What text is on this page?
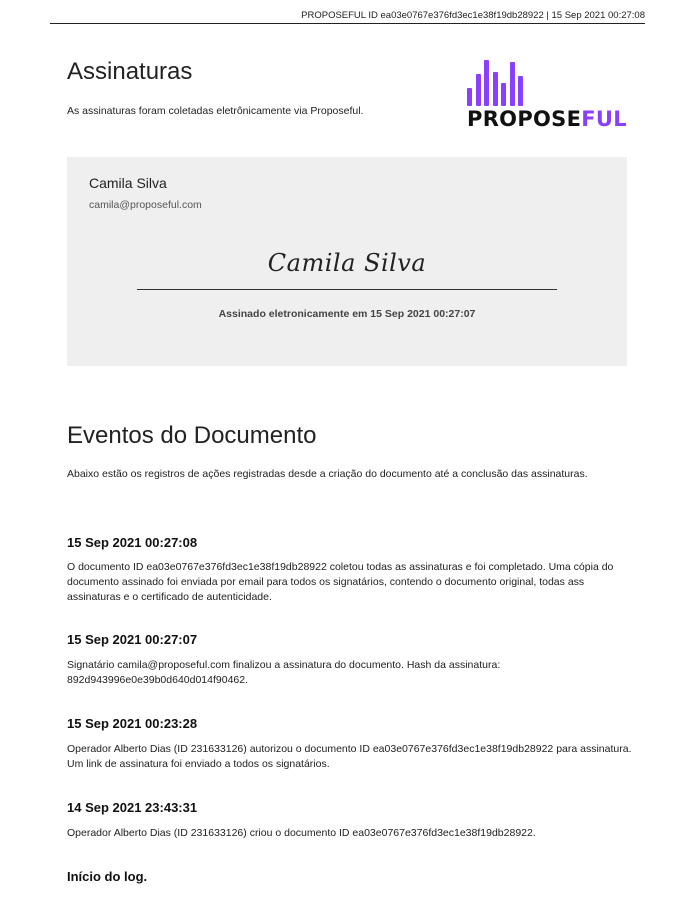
PROPOSEFUL ID ea03e0767e376fd3ec1e38f19db28922 | 15 Sep 2021 00:27:08
Assinaturas

As assinaturas foram coletadas eletrônicamente via Proposeful.	PROPOSEFUL
Camila Silva
camila@proposeful.com
Camila Silva
Assinado eletronicamente em 15 Sep 2021 00:27:07
Eventos do Documento

Abaixo estão os registros de ações registradas desde a criação do documento até a conclusão das assinaturas.

15 Sep 2021 00:27:08

O documento ID ea03e0767e376fd3ec1e38f19db28922 coletou todas as assinaturas e foi completado. Uma cópia do documento assinado foi enviada por email para todos os signatários, contendo o documento original, todas ass assinaturas e o certificado de autenticidade.

15 Sep 2021 00:27:07

Signatário camila@proposeful.com finalizou a assinatura do documento. Hash da assinatura: 892d943996e0e39b0d640d014f90462.

15 Sep 2021 00:23:28

Operador Alberto Dias (ID 231633126) autorizou o documento ID ea03e0767e376fd3ec1e38f19db28922 para assinatura. Um link de assinatura foi enviado a todos os signatários.

14 Sep 2021 23:43:31

Operador Alberto Dias (ID 231633126) criou o documento ID ea03e0767e376fd3ec1e38f19db28922.

Início do log.
